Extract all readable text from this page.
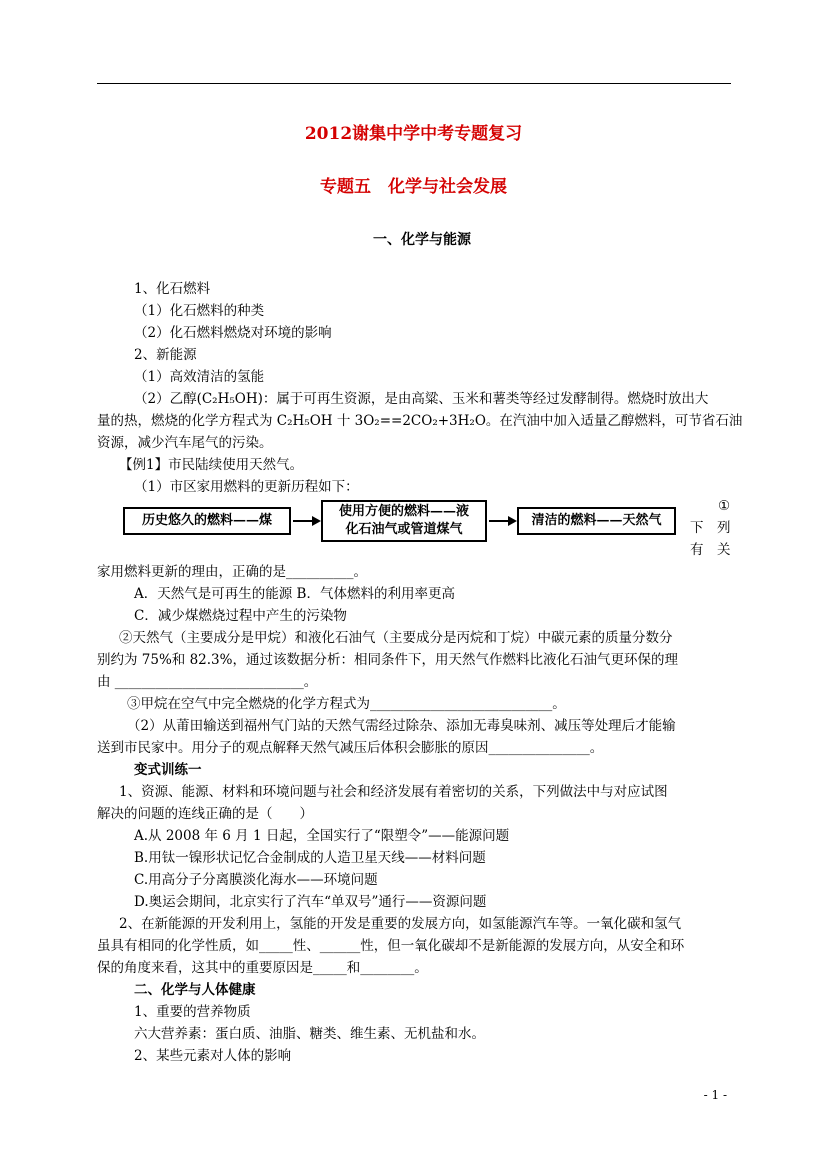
2012谢集中学中考专题复习
专题五　化学与社会发展
一、化学与能源
1、化石燃料
（1）化石燃料的种类
（2）化石燃料燃烧对环境的影响
2、新能源
（1）高效清洁的氢能
（2）乙醇(C₂H₅OH)：属于可再生资源，是由高粱、玉米和薯类等经过发酵制得。燃烧时放出大
量的热，燃烧的化学方程式为 C₂H₅OH 十 3O₂==2CO₂+3H₂O。在汽油中加入适量乙醇燃料，可节省石油
资源，减少汽车尾气的污染。
【例1】市民陆续使用天然气。
（1）市区家用燃料的更新历程如下：
历史悠久的燃料——煤
使用方便的燃料——液
化石油气或管道煤气
清洁的燃料——天然气
①
下　列
有　关
家用燃料更新的理由，正确的是__________。
A．天然气是可再生的能源 B．气体燃料的利用率更高
C．减少煤燃烧过程中产生的污染物
②天然气（主要成分是甲烷）和液化石油气（主要成分是丙烷和丁烷）中碳元素的质量分数分
别约为 75%和 82.3%，通过该数据分析：相同条件下，用天然气作燃料比液化石油气更环保的理
由 ____________________________。
③甲烷在空气中完全燃烧的化学方程式为___________________________。
（2）从莆田输送到福州气门站的天然气需经过除杂、添加无毒臭味剂、减压等处理后才能输
送到市民家中。用分子的观点解释天然气减压后体积会膨胀的原因_______________。
变式训练一
1、资源、能源、材料和环境问题与社会和经济发展有着密切的关系，下列做法中与对应试图
解决的问题的连线正确的是（　　）
A.从 2008 年 6 月 1 日起，全国实行了“限塑令”——能源问题
B.用钛一镍形状记忆合金制成的人造卫星天线——材料问题
C.用高分子分离膜淡化海水——环境问题
D.奥运会期间，北京实行了汽车“单双号”通行——资源问题
2、在新能源的开发利用上，氢能的开发是重要的发展方向，如氢能源汽车等。一氧化碳和氢气
虽具有相同的化学性质，如_____性、______性，但一氧化碳却不是新能源的发展方向，从安全和环
保的角度来看，这其中的重要原因是_____和________。
二、化学与人体健康
1、重要的营养物质
六大营养素：蛋白质、油脂、糖类、维生素、无机盐和水。
2、某些元素对人体的影响
- 1 -
